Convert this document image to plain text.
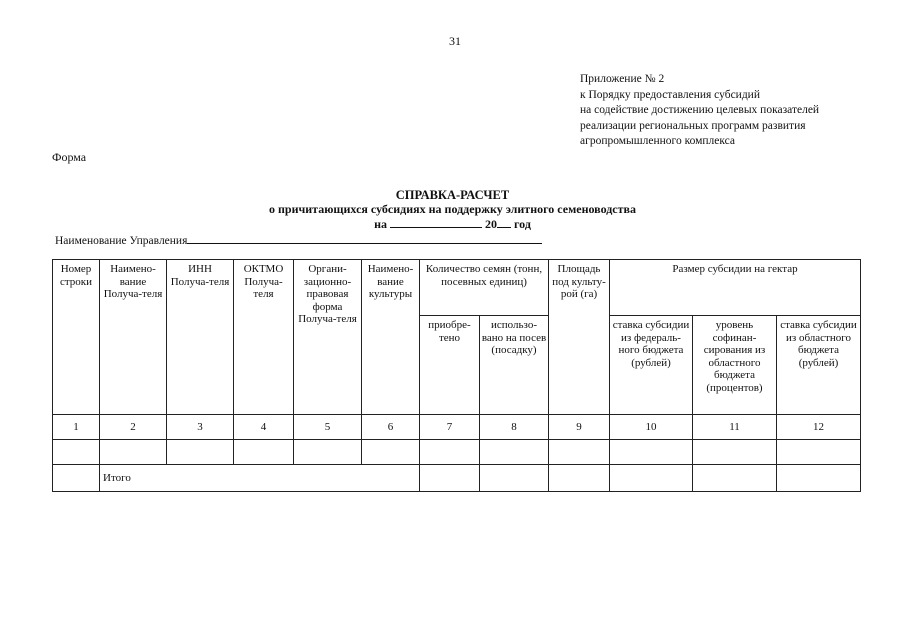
31
Приложение № 2
к Порядку предоставления субсидий
на содействие достижению целевых показателей
реализации региональных программ развития
агропромышленного комплекса
Форма
СПРАВКА-РАСЧЕТ
о причитающихся субсидиях на поддержку элитного семеноводства
на	20 год
Наименование Управления
Номер строки	Наимено-вание Получа-теля	ИНН Получа-теля	ОКТМО Получа-теля	Органи-зационно-правовая форма Получа-теля	Наимено-вание культуры	Количество семян (тонн, посевных единиц)		Площадь под культу-рой (га)	Размер субсидии на гектар		
						приобре-тено	использо-вано на посев (посадку)		ставка субсидии из федераль-ного бюджета (рублей)	уровень софинан-сирования из областного бюджета (процентов)	ставка субсидии из областного бюджета (рублей)
1	2	3	4	5	6	7	8	9	10	11	12

	Итого										
